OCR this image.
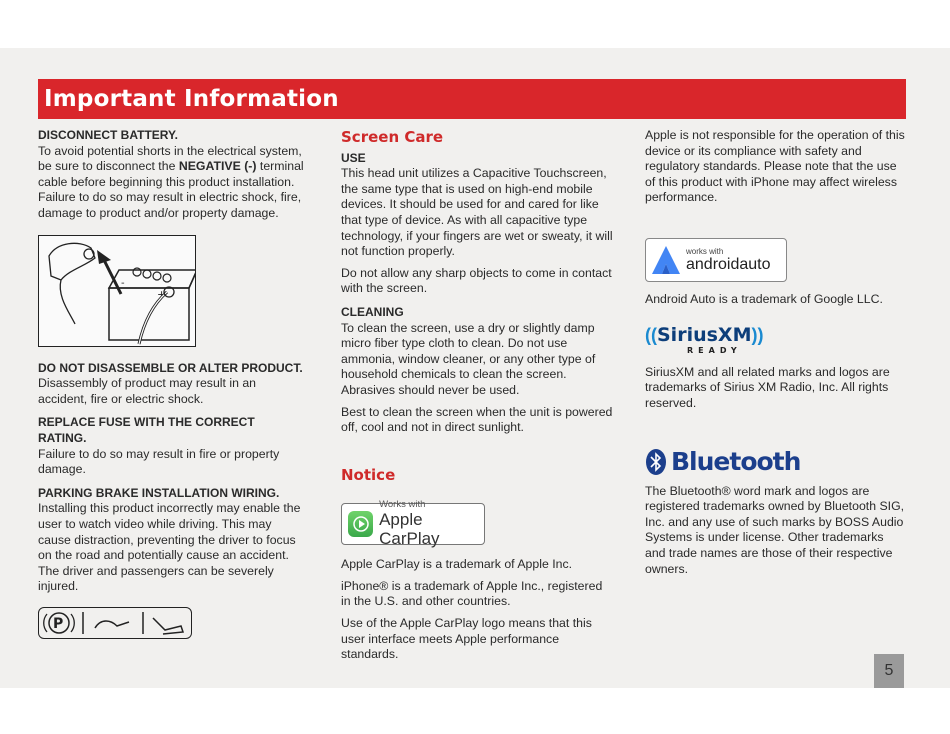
Important Information

DISCONNECT BATTERY.

To avoid potential shorts in the electrical system, be sure to disconnect the NEGATIVE (-) terminal cable before beginning this product installation. Failure to do so may result in electric shock, fire, damage to product and/or property damage.

-
+

DO NOT DISASSEMBLE OR ALTER PRODUCT.

Disassembly of product may result in an accident, fire or electric shock.

REPLACE FUSE WITH THE CORRECT RATING.

Failure to do so may result in fire or property damage.

PARKING BRAKE INSTALLATION WIRING.

Installing this product incorrectly may enable the user to watch video while driving. This may cause distraction, preventing the driver to focus on the road and potentially cause an accident. The driver and passengers can be severely injured.

P

Screen Care

USE

This head unit utilizes a Capacitive Touchscreen, the same type that is used on high-end mobile devices. It should be used for and cared for like that type of device. As with all capacitive type technology, if your fingers are wet or sweaty, it will not function properly.

Do not allow any sharp objects to come in contact with the screen.

CLEANING

To clean the screen, use a dry or slightly damp micro fiber type cloth to clean. Do not use ammonia, window cleaner, or any other type of household chemicals to clean the screen. Abrasives should never be used.

Best to clean the screen when the unit is powered off, cool and not in direct sunlight.

Notice

Works with
Apple CarPlay

Apple CarPlay is a trademark of Apple Inc.

iPhone® is a trademark of Apple Inc., registered in the U.S. and other countries.

Use of the Apple CarPlay logo means that this user interface meets Apple performance standards.

Apple is not responsible for the operation of this device or its compliance with safety and regulatory standards. Please note that the use of this product with iPhone may affect wireless performance.

works with
androidauto

Android Auto is a trademark of Google LLC.

(( SiriusXM ))
READY

SiriusXM and all related marks and logos are trademarks of Sirius XM Radio, Inc. All rights reserved.

Bluetooth

The Bluetooth® word mark and logos are registered trademarks owned by Bluetooth SIG, Inc. and any use of such marks by BOSS Audio Systems is under license. Other trademarks and trade names are those of their respective owners.

5
